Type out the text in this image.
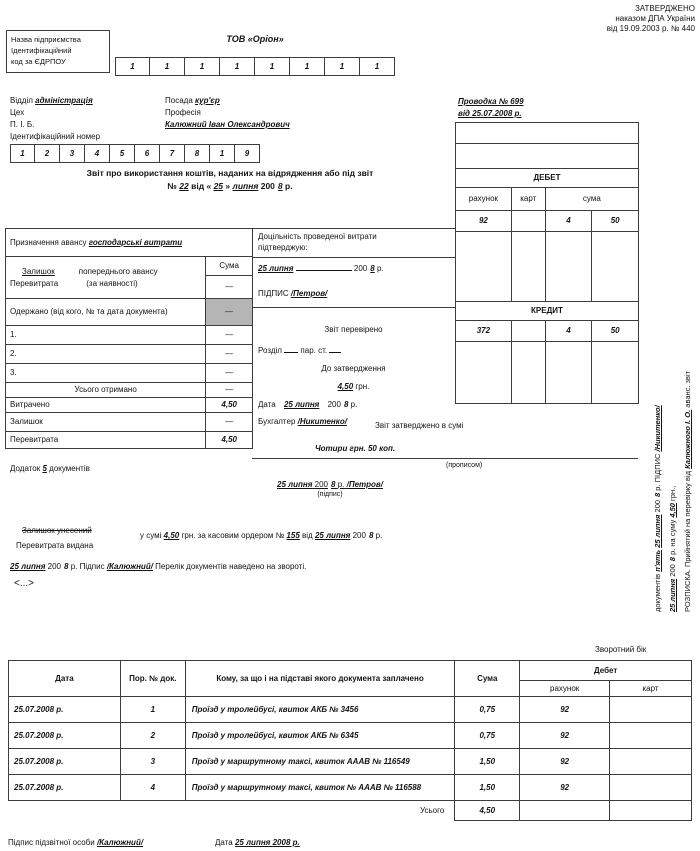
ЗАТВЕРДЖЕНО
наказом ДПА України
від 19.09.2003 р. № 440
Назва підприємства
Ідентифікаційний
код за ЄДРПОУ
ТОВ «Оріон»
1	1	1	1	1	1	1	1
Відділ адміністрація	Посада кур'єр
Цех	Професія
П. І. Б.	Калюжний Іван Олександрович
Ідентифікаційний номер
1	2	3	4	5	6	7	8	1	9
Проводка № 699
від 25.07.2008 р.

ДЕБЕТ			
рахунок	карт	сума	
92		4	50

КРЕДИТ			
372		4	50

Звіт про використання коштів, наданих на відрядження або під звіт
№ 22 від « 25 » липня 200 8 р.
Призначення авансу господарські витрати	

Залишок попереднього авансу
Перевитрата (за наявності)	Сума
	—
Одержано (від кого, № та дата документа)	—
1.	—
2.	—
3.	—
Усього отримано	—
Витрачено	4,50
Залишок	—
Перевитрата	4,50
Доцільність проведеної витрати підтверджую:
25 липня	200 8 р.
ПІДПИС /Петров/
Звіт перевірено
Розділ пар. ст.
До затвердження
4,50 грн.
Дата 25 липня 200 8 р.
Бухгалтер /Никитенко/	Звіт затверджено в сумі
Чотири грн. 50 коп.
(прописом)
Додаток 5 документів
25 липня 200 8 р. /Петров/
(підпис)
Залишок унесений
Перевитрата видана
у сумі 4,50 грн. за касовим ордером № 155 від 25 липня 200 8 р.
25 липня 200 8 р. Підпис /Калюжний/ Перелік документів наведено на звороті.
<...>	документів п'ять 25 липня 2008 р. ПІДПИС /Никитенко/
25 липня 2008 р. на суму 4,50 грн., РОЗПИСКА. Прийнятий на перевірку від Калюжного І. О. аванс. звіт
Зворотний бік
Дата	Пор. № док.	Кому, за що і на підставі якого документа заплачено	Сума	Дебет	
				рахунок	карт
25.07.2008 р.	1	Проїзд у тролейбусі, квиток АКБ № 3456	0,75	92	
25.07.2008 р.	2	Проїзд у тролейбусі, квиток АКБ № 6345	0,75	92	
25.07.2008 р.	3	Проїзд у маршрутному таксі, квиток АААВ № 116549	1,50	92	
25.07.2008 р.	4	Проїзд у маршрутному таксі, квиток № АААВ № 116588	1,50	92	
Усього			4,50		
Підпис підзвітної особи /Калюжний/	Дата 25 липня 2008 р.
